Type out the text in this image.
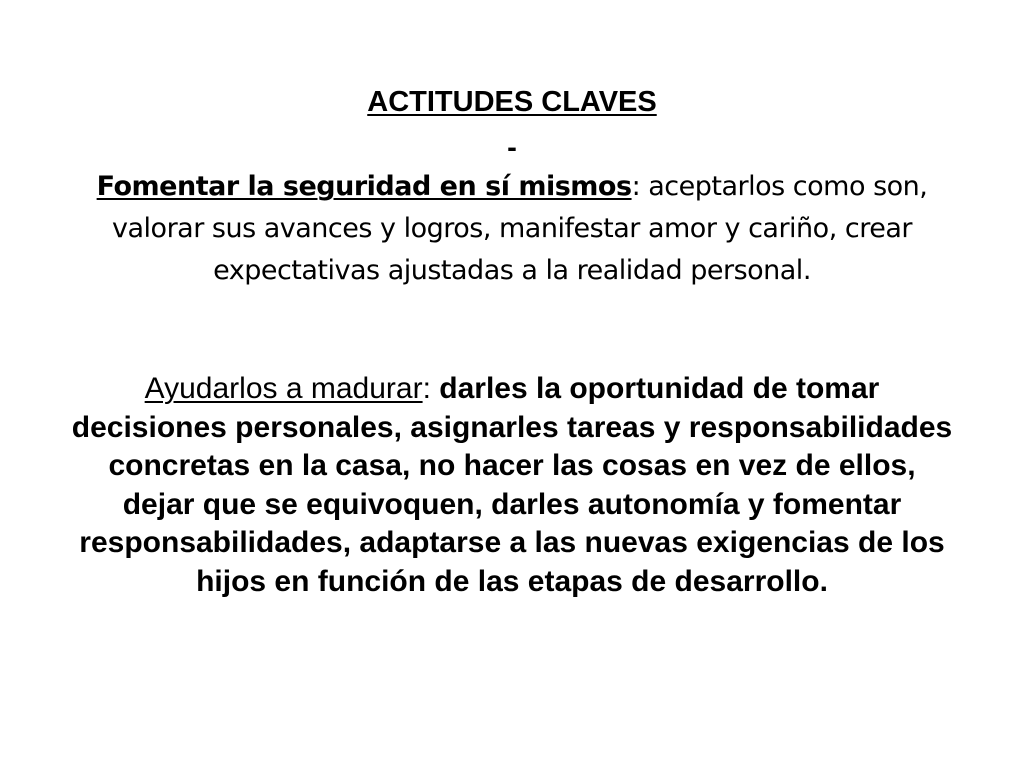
ACTITUDES CLAVES
-

Fomentar la seguridad en sí mismos: aceptarlos como son, valorar sus avances y logros, manifestar amor y cariño, crear expectativas ajustadas a la realidad personal.

Ayudarlos a madurar: darles la oportunidad de tomar decisiones personales, asignarles tareas y responsabilidades concretas en la casa, no hacer las cosas en vez de ellos, dejar que se equivoquen, darles autonomía y fomentar responsabilidades, adaptarse a las nuevas exigencias de los hijos en función de las etapas de desarrollo.
